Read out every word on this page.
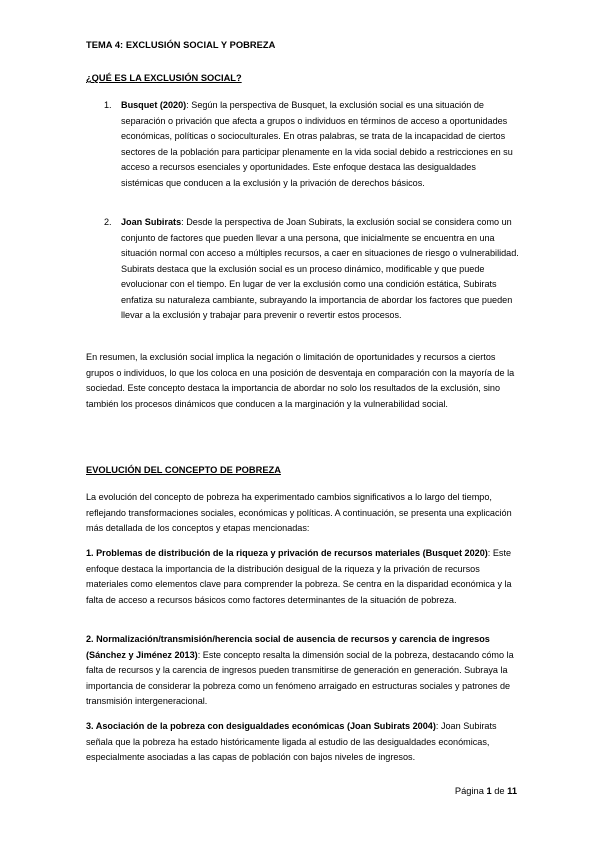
TEMA 4: EXCLUSIÓN SOCIAL Y POBREZA
¿QUÉ ES LA EXCLUSIÓN SOCIAL?
1. Busquet (2020): Según la perspectiva de Busquet, la exclusión social es una situación de separación o privación que afecta a grupos o individuos en términos de acceso a oportunidades económicas, políticas o socioculturales. En otras palabras, se trata de la incapacidad de ciertos sectores de la población para participar plenamente en la vida social debido a restricciones en su acceso a recursos esenciales y oportunidades. Este enfoque destaca las desigualdades sistémicas que conducen a la exclusión y la privación de derechos básicos.
2. Joan Subirats: Desde la perspectiva de Joan Subirats, la exclusión social se considera como un conjunto de factores que pueden llevar a una persona, que inicialmente se encuentra en una situación normal con acceso a múltiples recursos, a caer en situaciones de riesgo o vulnerabilidad. Subirats destaca que la exclusión social es un proceso dinámico, modificable y que puede evolucionar con el tiempo. En lugar de ver la exclusión como una condición estática, Subirats enfatiza su naturaleza cambiante, subrayando la importancia de abordar los factores que pueden llevar a la exclusión y trabajar para prevenir o revertir estos procesos.

En resumen, la exclusión social implica la negación o limitación de oportunidades y recursos a ciertos grupos o individuos, lo que los coloca en una posición de desventaja en comparación con la mayoría de la sociedad. Este concepto destaca la importancia de abordar no solo los resultados de la exclusión, sino también los procesos dinámicos que conducen a la marginación y la vulnerabilidad social.

EVOLUCIÓN DEL CONCEPTO DE POBREZA

La evolución del concepto de pobreza ha experimentado cambios significativos a lo largo del tiempo, reflejando transformaciones sociales, económicas y políticas. A continuación, se presenta una explicación más detallada de los conceptos y etapas mencionadas:

1. Problemas de distribución de la riqueza y privación de recursos materiales (Busquet 2020): Este enfoque destaca la importancia de la distribución desigual de la riqueza y la privación de recursos materiales como elementos clave para comprender la pobreza. Se centra en la disparidad económica y la falta de acceso a recursos básicos como factores determinantes de la situación de pobreza.

2. Normalización/transmisión/herencia social de ausencia de recursos y carencia de ingresos (Sánchez y Jiménez 2013): Este concepto resalta la dimensión social de la pobreza, destacando cómo la falta de recursos y la carencia de ingresos pueden transmitirse de generación en generación. Subraya la importancia de considerar la pobreza como un fenómeno arraigado en estructuras sociales y patrones de transmisión intergeneracional.

3. Asociación de la pobreza con desigualdades económicas (Joan Subirats 2004): Joan Subirats señala que la pobreza ha estado históricamente ligada al estudio de las desigualdades económicas, especialmente asociadas a las capas de población con bajos niveles de ingresos.

Página 1 de 11
